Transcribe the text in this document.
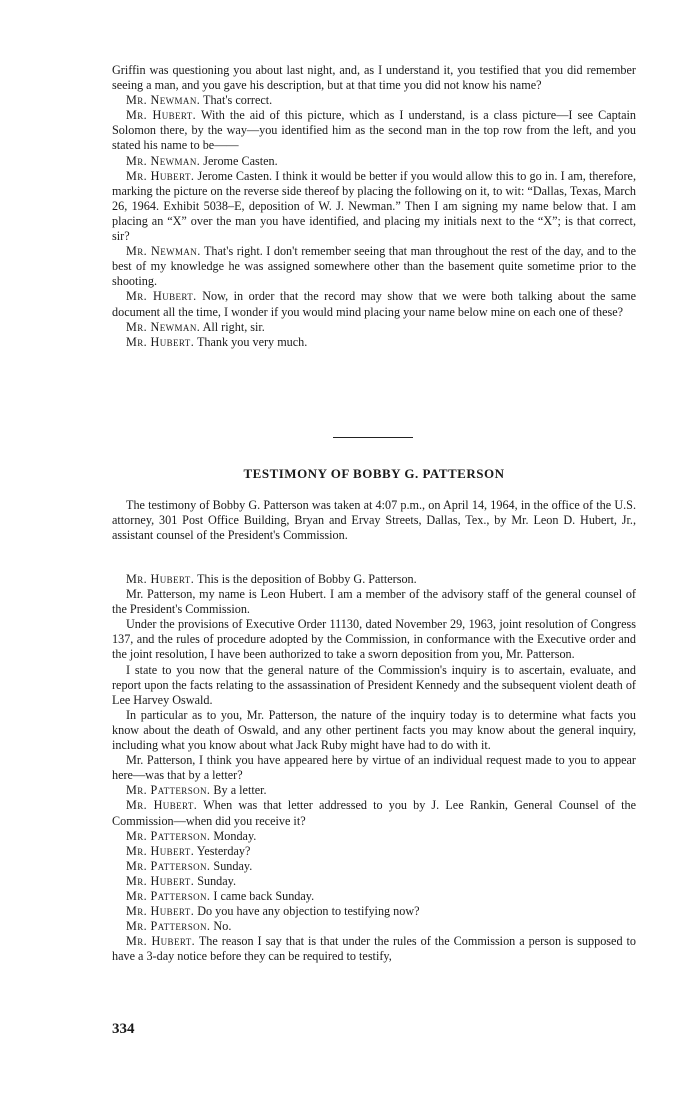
Griffin was questioning you about last night, and, as I understand it, you testified that you did remember seeing a man, and you gave his description, but at that time you did not know his name?

Mr. Newman. That's correct.

Mr. Hubert. With the aid of this picture, which as I understand, is a class picture—I see Captain Solomon there, by the way—you identified him as the second man in the top row from the left, and you stated his name to be——

Mr. Newman. Jerome Casten.

Mr. Hubert. Jerome Casten. I think it would be better if you would allow this to go in. I am, therefore, marking the picture on the reverse side thereof by placing the following on it, to wit: “Dallas, Texas, March 26, 1964. Exhibit 5038–E, deposition of W. J. Newman.” Then I am signing my name below that. I am placing an “X” over the man you have identified, and placing my initials next to the “X”; is that correct, sir?

Mr. Newman. That's right. I don't remember seeing that man throughout the rest of the day, and to the best of my knowledge he was assigned somewhere other than the basement quite sometime prior to the shooting.

Mr. Hubert. Now, in order that the record may show that we were both talking about the same document all the time, I wonder if you would mind placing your name below mine on each one of these?

Mr. Newman. All right, sir.

Mr. Hubert. Thank you very much.

TESTIMONY OF BOBBY G. PATTERSON

The testimony of Bobby G. Patterson was taken at 4:07 p.m., on April 14, 1964, in the office of the U.S. attorney, 301 Post Office Building, Bryan and Ervay Streets, Dallas, Tex., by Mr. Leon D. Hubert, Jr., assistant counsel of the President's Commission.

Mr. Hubert. This is the deposition of Bobby G. Patterson.

Mr. Patterson, my name is Leon Hubert. I am a member of the advisory staff of the general counsel of the President's Commission.

Under the provisions of Executive Order 11130, dated November 29, 1963, joint resolution of Congress 137, and the rules of procedure adopted by the Commission, in conformance with the Executive order and the joint resolution, I have been authorized to take a sworn deposition from you, Mr. Patterson.

I state to you now that the general nature of the Commission's inquiry is to ascertain, evaluate, and report upon the facts relating to the assassination of President Kennedy and the subsequent violent death of Lee Harvey Oswald.

In particular as to you, Mr. Patterson, the nature of the inquiry today is to determine what facts you know about the death of Oswald, and any other pertinent facts you may know about the general inquiry, including what you know about what Jack Ruby might have had to do with it.

Mr. Patterson, I think you have appeared here by virtue of an individual request made to you to appear here—was that by a letter?

Mr. Patterson. By a letter.

Mr. Hubert. When was that letter addressed to you by J. Lee Rankin, General Counsel of the Commission—when did you receive it?

Mr. Patterson. Monday.

Mr. Hubert. Yesterday?

Mr. Patterson. Sunday.

Mr. Hubert. Sunday.

Mr. Patterson. I came back Sunday.

Mr. Hubert. Do you have any objection to testifying now?

Mr. Patterson. No.

Mr. Hubert. The reason I say that is that under the rules of the Commission a person is supposed to have a 3-day notice before they can be required to testify,

334
